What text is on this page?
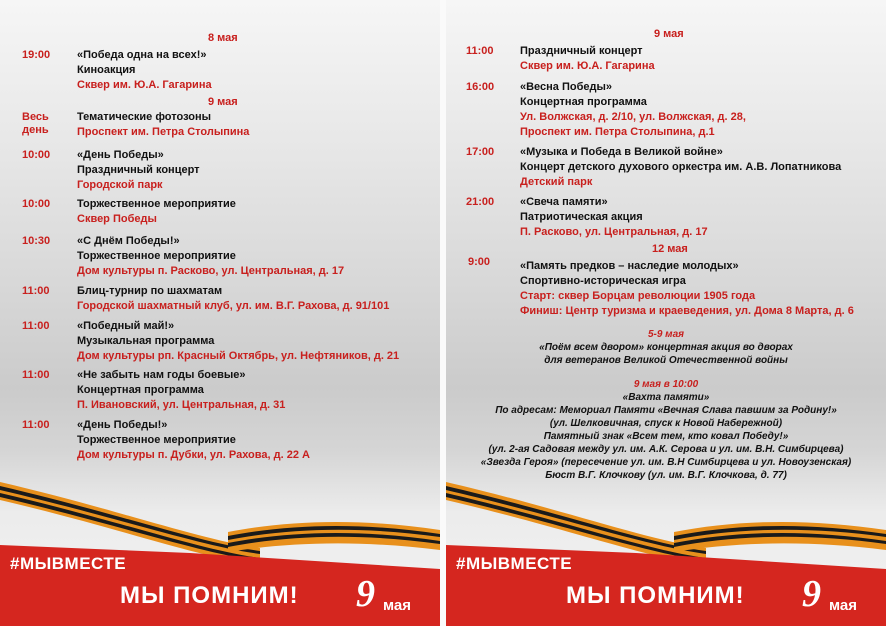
8 мая
19:00 «Победа одна на всех!»
Киноакция
Сквер им. Ю.А. Гагарина
9 мая
Весь
день
Тематические фотозоны
Проспект им. Петра Столыпина
10:00 «День Победы»
Праздничный концерт
Городской парк
10:00 Торжественное мероприятие
Сквер Победы
10:30 «С Днём Победы!»
Торжественное мероприятие
Дом культуры п. Расково, ул. Центральная, д. 17
11:00 Блиц-турнир по шахматам
Городской шахматный клуб, ул. им. В.Г. Рахова, д. 91/101
11:00 «Победный май!»
Музыкальная программа
Дом культуры рп. Красный Октябрь, ул. Нефтяников, д. 21
11:00 «Не забыть нам годы боевые»
Концертная программа
П. Ивановский, ул. Центральная, д. 31
11:00 «День Победы!»
Торжественное мероприятие
Дом культуры п. Дубки, ул. Рахова, д. 22 А
#МЫВМЕСТЕ
МЫ ПОМНИМ! 9 мая
9 мая
11:00 Праздничный концерт
Сквер им. Ю.А. Гагарина
16:00 «Весна Победы»
Концертная программа
Ул. Волжская, д. 2/10, ул. Волжская, д. 28,
Проспект им. Петра Столыпина, д.1
17:00 «Музыка и Победа в Великой войне»
Концерт детского духового оркестра им. А.В. Лопатникова
Детский парк
21:00 «Свеча памяти»
Патриотическая акция
П. Расково, ул. Центральная, д. 17
12 мая
9:00	«Память предков – наследие молодых»
Спортивно-историческая игра
Старт: сквер Борцам революции 1905 года
Финиш: Центр туризма и краеведения, ул. Дома 8 Марта, д. 6
5-9 мая
«Поём всем двором» концертная акция во дворах
для ветеранов Великой Отечественной войны
9 мая в 10:00
«Вахта памяти»
По адресам: Мемориал Памяти «Вечная Слава павшим за Родину!»
(ул. Шелковичная, спуск к Новой Набережной)
Памятный знак «Всем тем, кто ковал Победу!»
(ул. 2-ая Садовая между ул. им. А.К. Серова и ул. им. В.Н. Симбирцева)
«Звезда Героя» (пересечение ул. им. В.Н Симбирцева и ул. Новоузенская)
Бюст В.Г. Клочкову (ул. им. В.Г. Клочкова, д. 77)
#МЫВМЕСТЕ
МЫ ПОМНИМ! 9 мая
